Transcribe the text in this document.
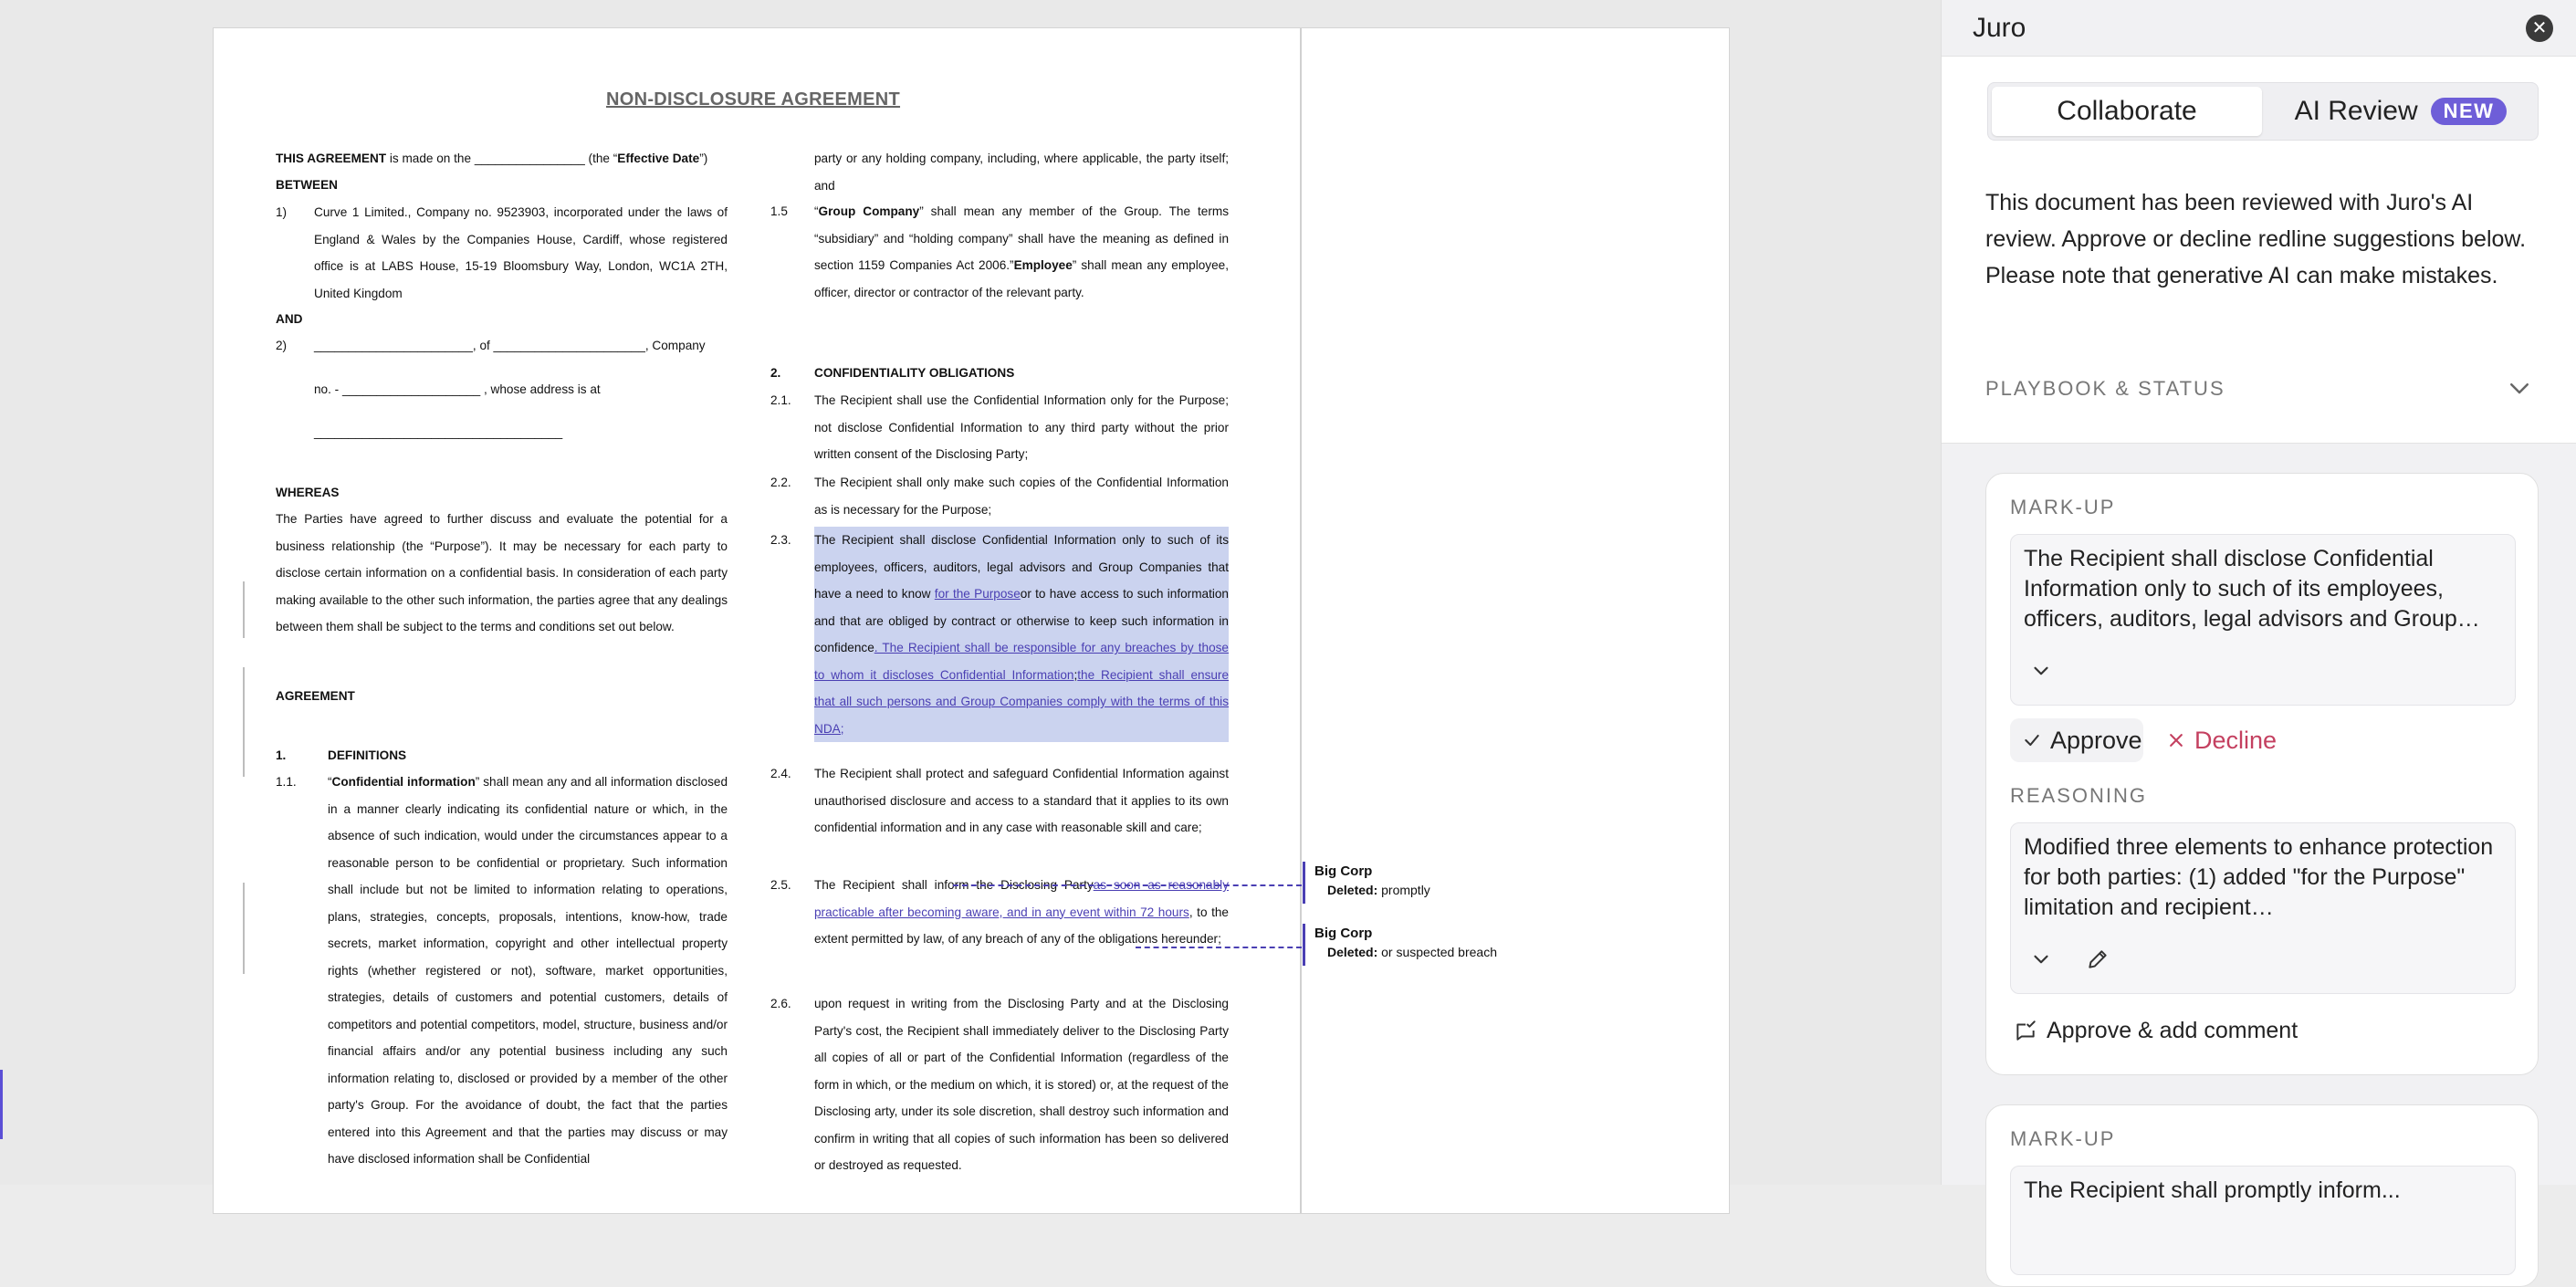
NON-DISCLOSURE AGREEMENT
THIS AGREEMENT is made on the ________________ (the “Effective Date”)
BETWEEN
1)	Curve 1 Limited., Company no. 9523903, incorporated under the laws of England & Wales by the Companies House, Cardiff, whose registered office is at LABS House, 15-19 Bloomsbury Way, London, WC1A 2TH, United Kingdom
AND
2)	_______________________, of ______________________, Company
no. - ____________________ , whose address is at
____________________________________
WHEREAS
The Parties have agreed to further discuss and evaluate the potential for a business relationship (the “Purpose”). It may be necessary for each party to disclose certain information on a confidential basis. In consideration of each party making available to the other such information, the parties agree that any dealings between them shall be subject to the terms and conditions set out below.
AGREEMENT
1.	DEFINITIONS
1.1.	“Confidential information” shall mean any and all information disclosed in a manner clearly indicating its confidential nature or which, in the absence of such indication, would under the circumstances appear to a reasonable person to be confidential or proprietary. Such information shall include but not be limited to information relating to operations, plans, strategies, concepts, proposals, intentions, know-how, trade secrets, market information, copyright and other intellectual property rights (whether registered or not), software, market opportunities, strategies, details of customers and potential customers, details of competitors and potential competitors, model, structure, business and/or financial affairs and/or any potential business including any such information relating to, disclosed or provided by a member of the other party's Group. For the avoidance of doubt, the fact that the parties entered into this Agreement and that the parties may discuss or may have disclosed information shall be Confidential
party or any holding company, including, where applicable, the party itself; and
1.5	“Group Company” shall mean any member of the Group. The terms “subsidiary” and “holding company” shall have the meaning as defined in section 1159 Companies Act 2006.”Employee” shall mean any employee, officer, director or contractor of the relevant party.
2.	CONFIDENTIALITY OBLIGATIONS
2.1.	The Recipient shall use the Confidential Information only for the Purpose; not disclose Confidential Information to any third party without the prior written consent of the Disclosing Party;
2.2.	The Recipient shall only make such copies of the Confidential Information as is necessary for the Purpose;
2.3.	The Recipient shall disclose Confidential Information only to such of its employees, officers, auditors, legal advisors and Group Companies that have a need to know for the Purposeor to have access to such information and that are obliged by contract or otherwise to keep such information in confidence. The Recipient shall be responsible for any breaches by those to whom it discloses Confidential Information;the Recipient shall ensure that all such persons and Group Companies comply with the terms of this NDA;
2.4.	The Recipient shall protect and safeguard Confidential Information against unauthorised disclosure and access to a standard that it applies to its own confidential information and in any case with reasonable skill and care;
2.5.	The Recipient shall inform the Disclosing Partyas soon as reasonably practicable after becoming aware, and in any event within 72 hours, to the extent permitted by law, of any breach of any of the obligations hereunder;
2.6.	upon request in writing from the Disclosing Party and at the Disclosing Party's cost, the Recipient shall immediately deliver to the Disclosing Party all copies of all or part of the Confidential Information (regardless of the form in which, or the medium on which, it is stored) or, at the request of the Disclosing arty, under its sole discretion, shall destroy such information and confirm in writing that all copies of such information has been so delivered or destroyed as requested.
Big Corp
Deleted: promptly
Big Corp
Deleted: or suspected breach
Juro	✕
Collaborate	AI Review	NEW
This document has been reviewed with Juro's AI review. Approve or decline redline suggestions below.
Please note that generative AI can make mistakes.
PLAYBOOK & STATUS
MARK-UP
The Recipient shall disclose Confidential Information only to such of its employees, officers, auditors, legal advisors and Group…
Approve Decline
REASONING
Modified three elements to enhance protection for both parties: (1) added "for the Purpose" limitation and recipient…
Approve & add comment
MARK-UP
The Recipient shall promptly inform...
